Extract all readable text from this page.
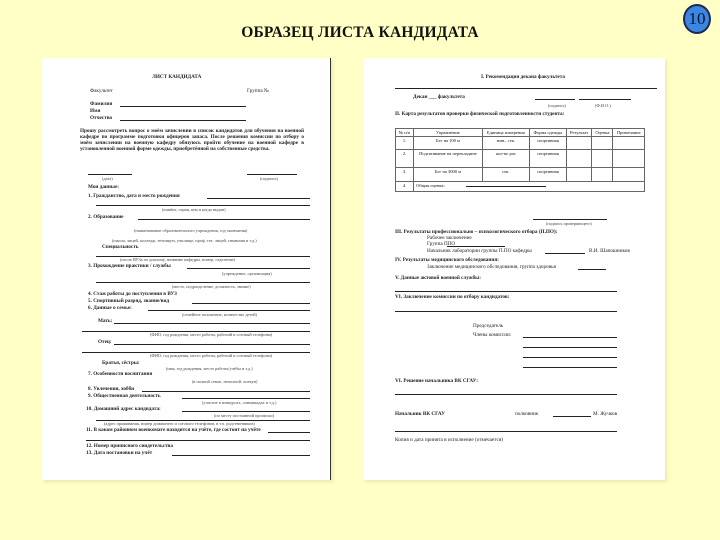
ОБРАЗЕЦ ЛИСТА КАНДИДАТА
10
ЛИСТ КАНДИДАТА
Факультет	Группа №
Фамилия
Имя
Отчество
Прошу рассмотреть вопрос о моём зачислении в список кандидатов для обучения на военной кафедре по программе подготовки офицеров запаса. После решения комиссии по отбору о моём зачислении на военную кафедру обязуюсь пройти обучение на военной кафедре в установленной военной форме одежды, приобретённой на собственные средства.
(дата)	(подпись)
Мои данные:
1. Гражданство, дата и место рождения
(number, серия, кем и когда выдан)
2. Образование
(наименование образовательного учреждения, год окончания)
(школа, лицей, колледж, техникум, училище, проф. тех. лицей, гимназия и т.д.)
Специальность
(после ВУЗа по диплому, название кафедры, номер, отделение)
3. Прохождение практики / службы
(учреждение, организация)
(место, подразделение, должность, звание)
4. Стаж работы до поступления в ВУЗ
5. Спортивный разряд, звание/вид
6. Данные о семье:
(семейное положение, количество детей)
Мать:
(ФИО, год рождения, место работы, рабочий и сотовый телефоны)
Отец:
(ФИО, год рождения, место работы, рабочий и сотовый телефоны)
Братья, сёстры:
(имя, год рождения, место работы/учёбы и т.д.)
7. Особенности воспитания
(в полной семье, неполной, опекун)
8. Увлечения, хобби
9. Общественная деятельность
(участие в конкурсах, олимпиадах и т.д.)
10. Домашний адрес кандидата:
(по месту постоянной прописки)
(адрес проживания, номер домашнего и сотового телефонов, в т.ч. родственников)
11. В каком районном военкомате находится на учёте, где состоит на учёте
12. Номер приписного свидетельства
13. Дата постановки на учёт
I. Рекомендация декана факультета
Декан ___ факультета
(подпись)	(Ф.И.О.)
II. Карта результатов проверки физической подготовленности студента:
№ п/п	Упражнение	Единица измерения	Форма одежды	Результат	Оценка	Примечание
1.	Бег на 100 м	мин., сек.	спортивная			
2.	Подтягивание на перекладине	кол-во раз	спортивная			
3.	Бег на 3000 м	сек.	спортивная			
4.	Общая оценка:					
(подпись проверяющего)
III. Результаты профессионально – психологического отбора (П.ПО):
Рабочее заключение
Группа ППО
Начальник лаборатории группы П.ПО кафедры	В.И. Шапошников
IV. Результаты медицинского обследования:
Заключение медицинского обследования, группа здоровья
V. Данные актовой военной службы:
VI. Заключение комиссии по отбору кандидатов:
Председатель
Члены комиссии:
VI. Решение начальника ВК СГАУ:
Начальник ВК СГАУ	полковник	М. Жучков
Копия и дата принята в исполнение (отмечается)
